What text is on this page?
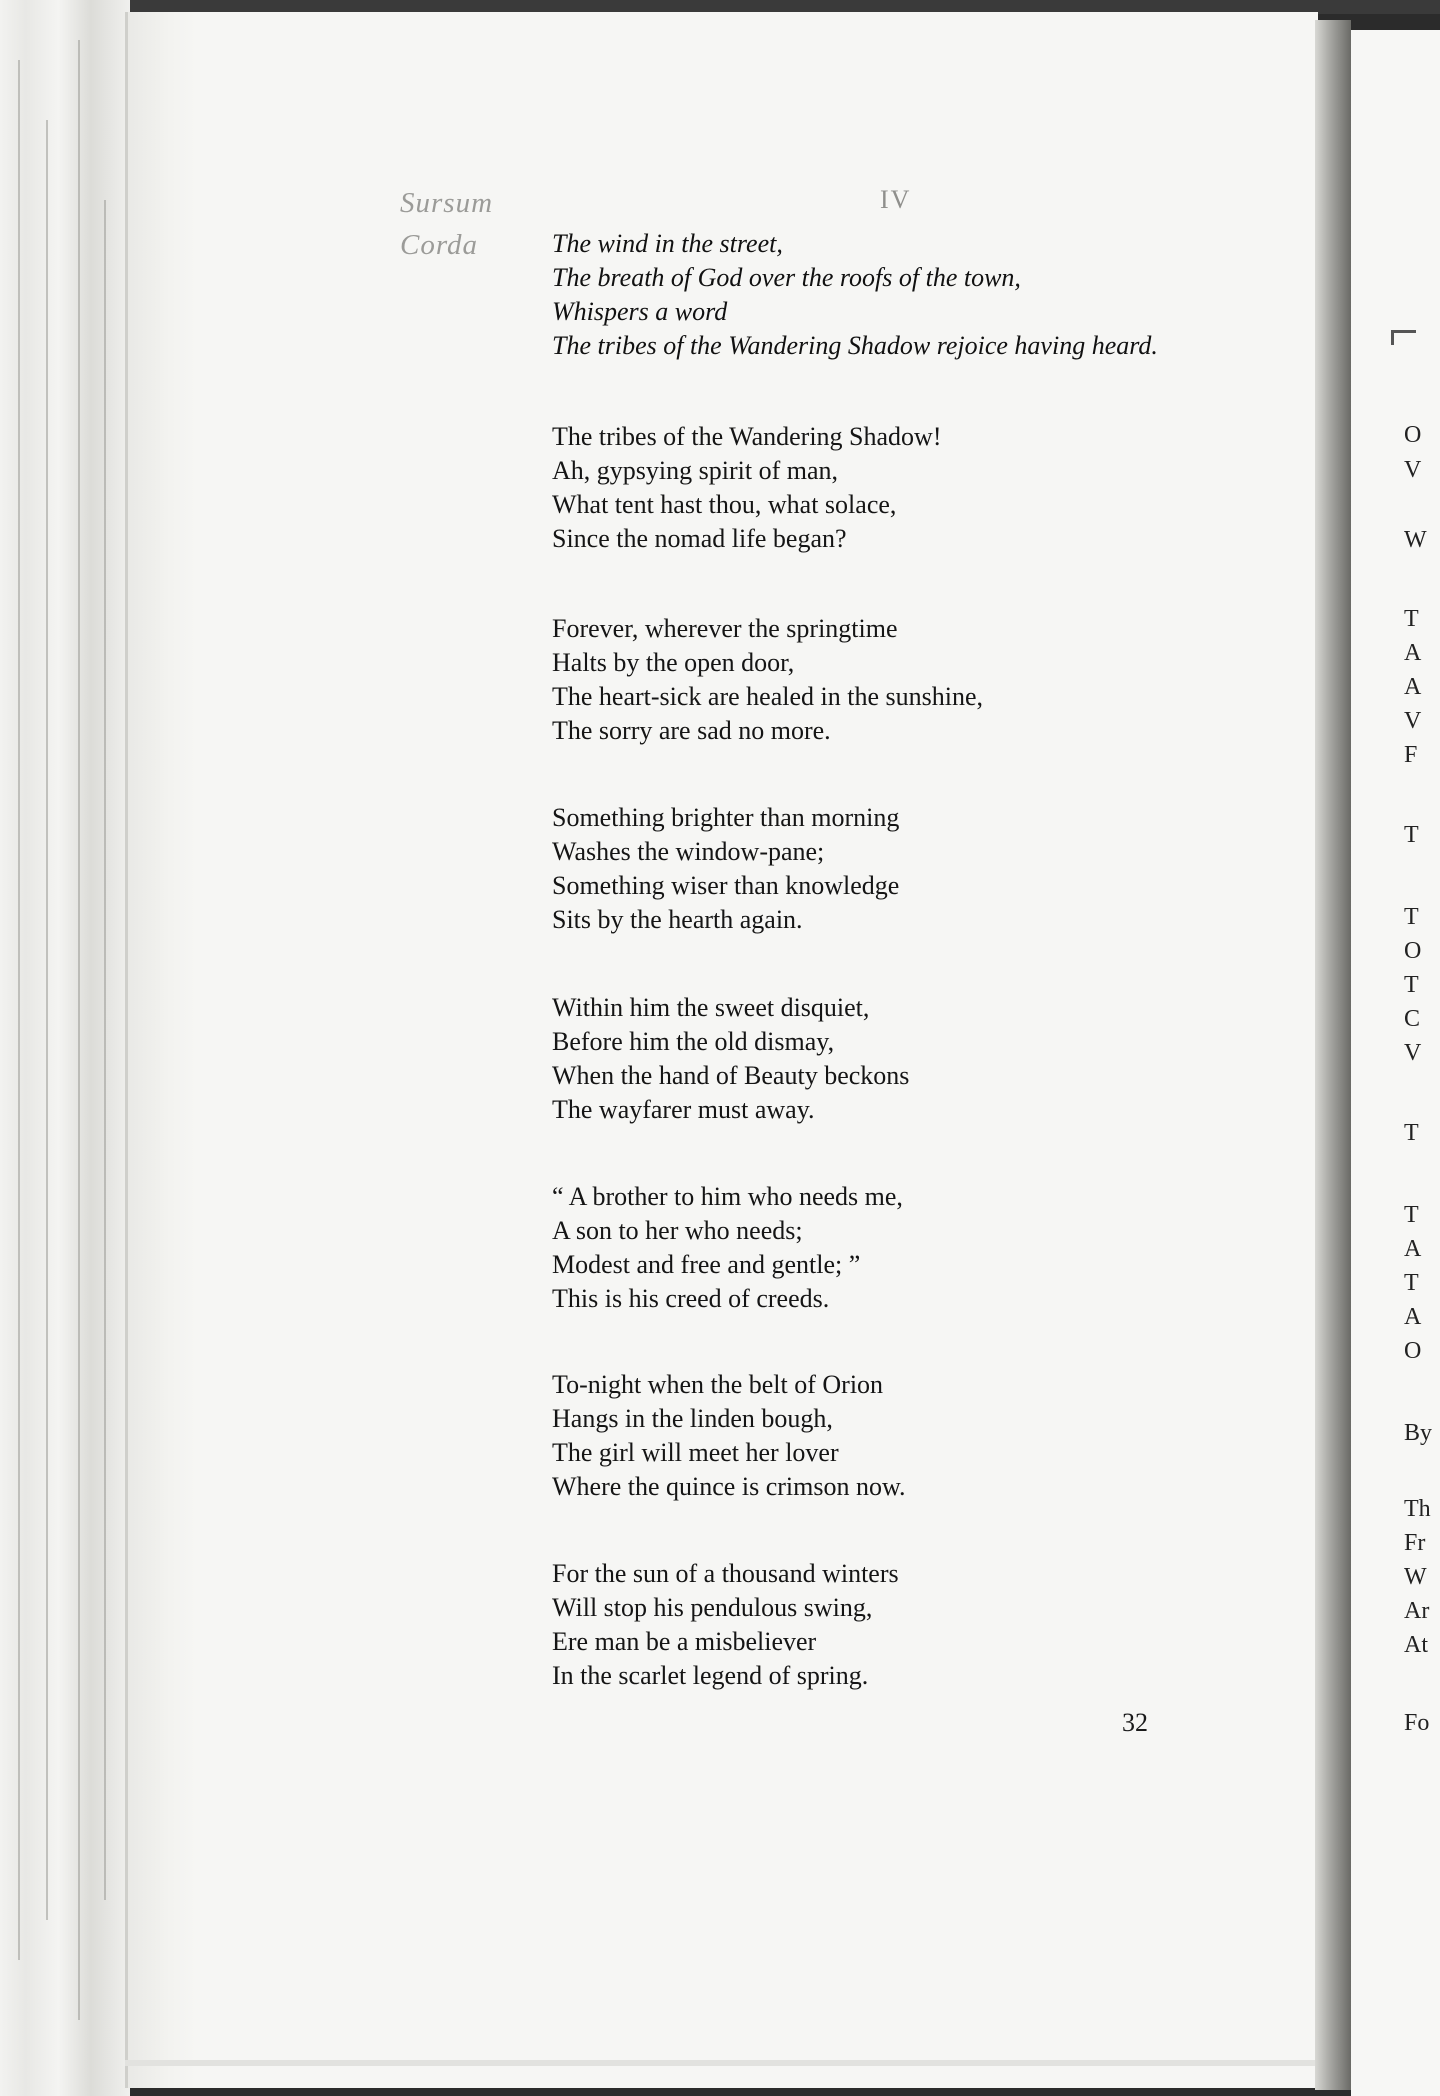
O
V
W
T
A
A
V
F
T
T
O
T
C
V
T
T
A
T
A
O
By
Th
Fr
W
Ar
At
Fo
Sursum
Corda
IV
The wind in the street,
The breath of God over the roofs of the town,
Whispers a word
The tribes of the Wandering Shadow rejoice having heard.
The tribes of the Wandering Shadow!
Ah, gypsying spirit of man,
What tent hast thou, what solace,
Since the nomad life began?
Forever, wherever the springtime
Halts by the open door,
The heart-sick are healed in the sunshine,
The sorry are sad no more.
Something brighter than morning
Washes the window-pane;
Something wiser than knowledge
Sits by the hearth again.
Within him the sweet disquiet,
Before him the old dismay,
When the hand of Beauty beckons
The wayfarer must away.
“ A brother to him who needs me,
A son to her who needs;
Modest and free and gentle; ”
This is his creed of creeds.
To-night when the belt of Orion
Hangs in the linden bough,
The girl will meet her lover
Where the quince is crimson now.
For the sun of a thousand winters
Will stop his pendulous swing,
Ere man be a misbeliever
In the scarlet legend of spring.
32
